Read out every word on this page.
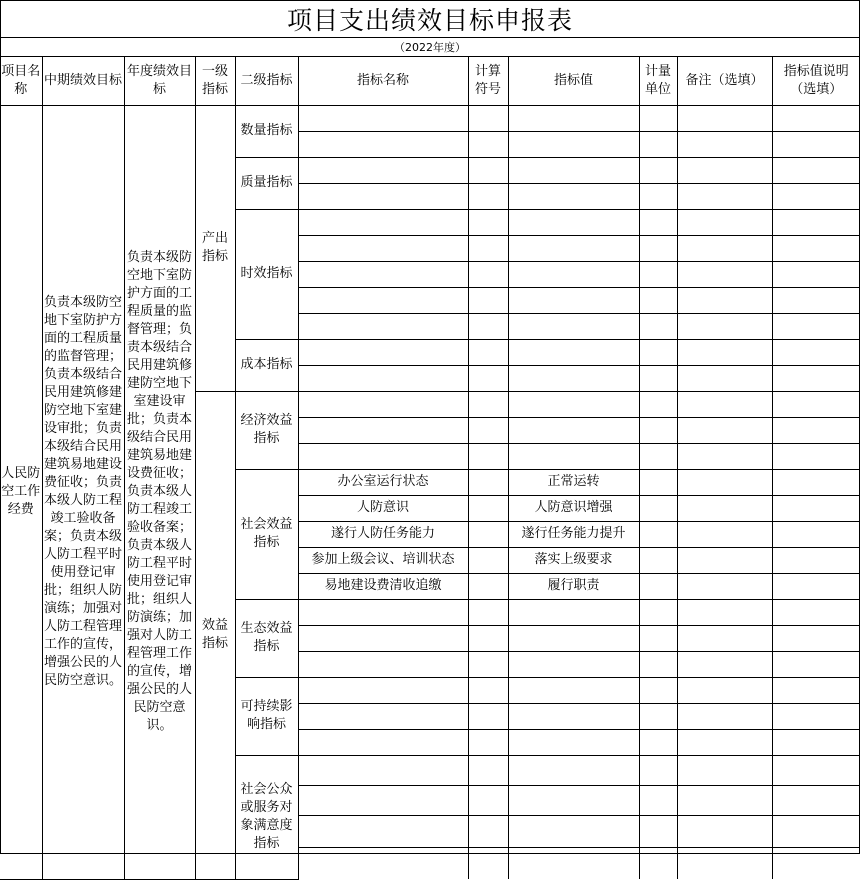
项目支出绩效目标申报表
（2022年度）
项目名称	中期绩效目标	年度绩效目标	一级指标	二级指标	指标名称	计算符号	指标值	计量单位	备注（选填）	指标值说明（选填）
人民防空工作经费	负责本级防空地下室防护方面的工程质量的监督管理；负责本级结合民用建筑修建防空地下室建设审批；负责本级结合民用建筑易地建设费征收；负责本级人防工程竣工验收备案；负责本级人防工程平时使用登记审批；组织人防演练；加强对人防工程管理工作的宣传，增强公民的人民防空意识。	负责本级防空地下室防护方面的工程质量的监督管理；负责本级结合民用建筑修建防空地下室建设审批；负责本级结合民用建筑易地建设费征收；负责本级人防工程竣工验收备案；负责本级人防工程平时使用登记审批；组织人防演练；加强对人防工程管理工作的宣传，增强公民的人民防空意识。	产出指标	数量指标						

				质量指标						

				时效指标						

				成本指标						

			效益指标	经济效益指标						

				社会效益指标	办公室运行状态		正常运转			
					人防意识		人防意识增强			
					遂行人防任务能力		遂行任务能力提升			
					参加上级会议、培训状态		落实上级要求			
					易地建设费清收追缴		履行职责			
				生态效益指标						

				可持续影响指标						

				社会公众或服务对象满意度指标						
